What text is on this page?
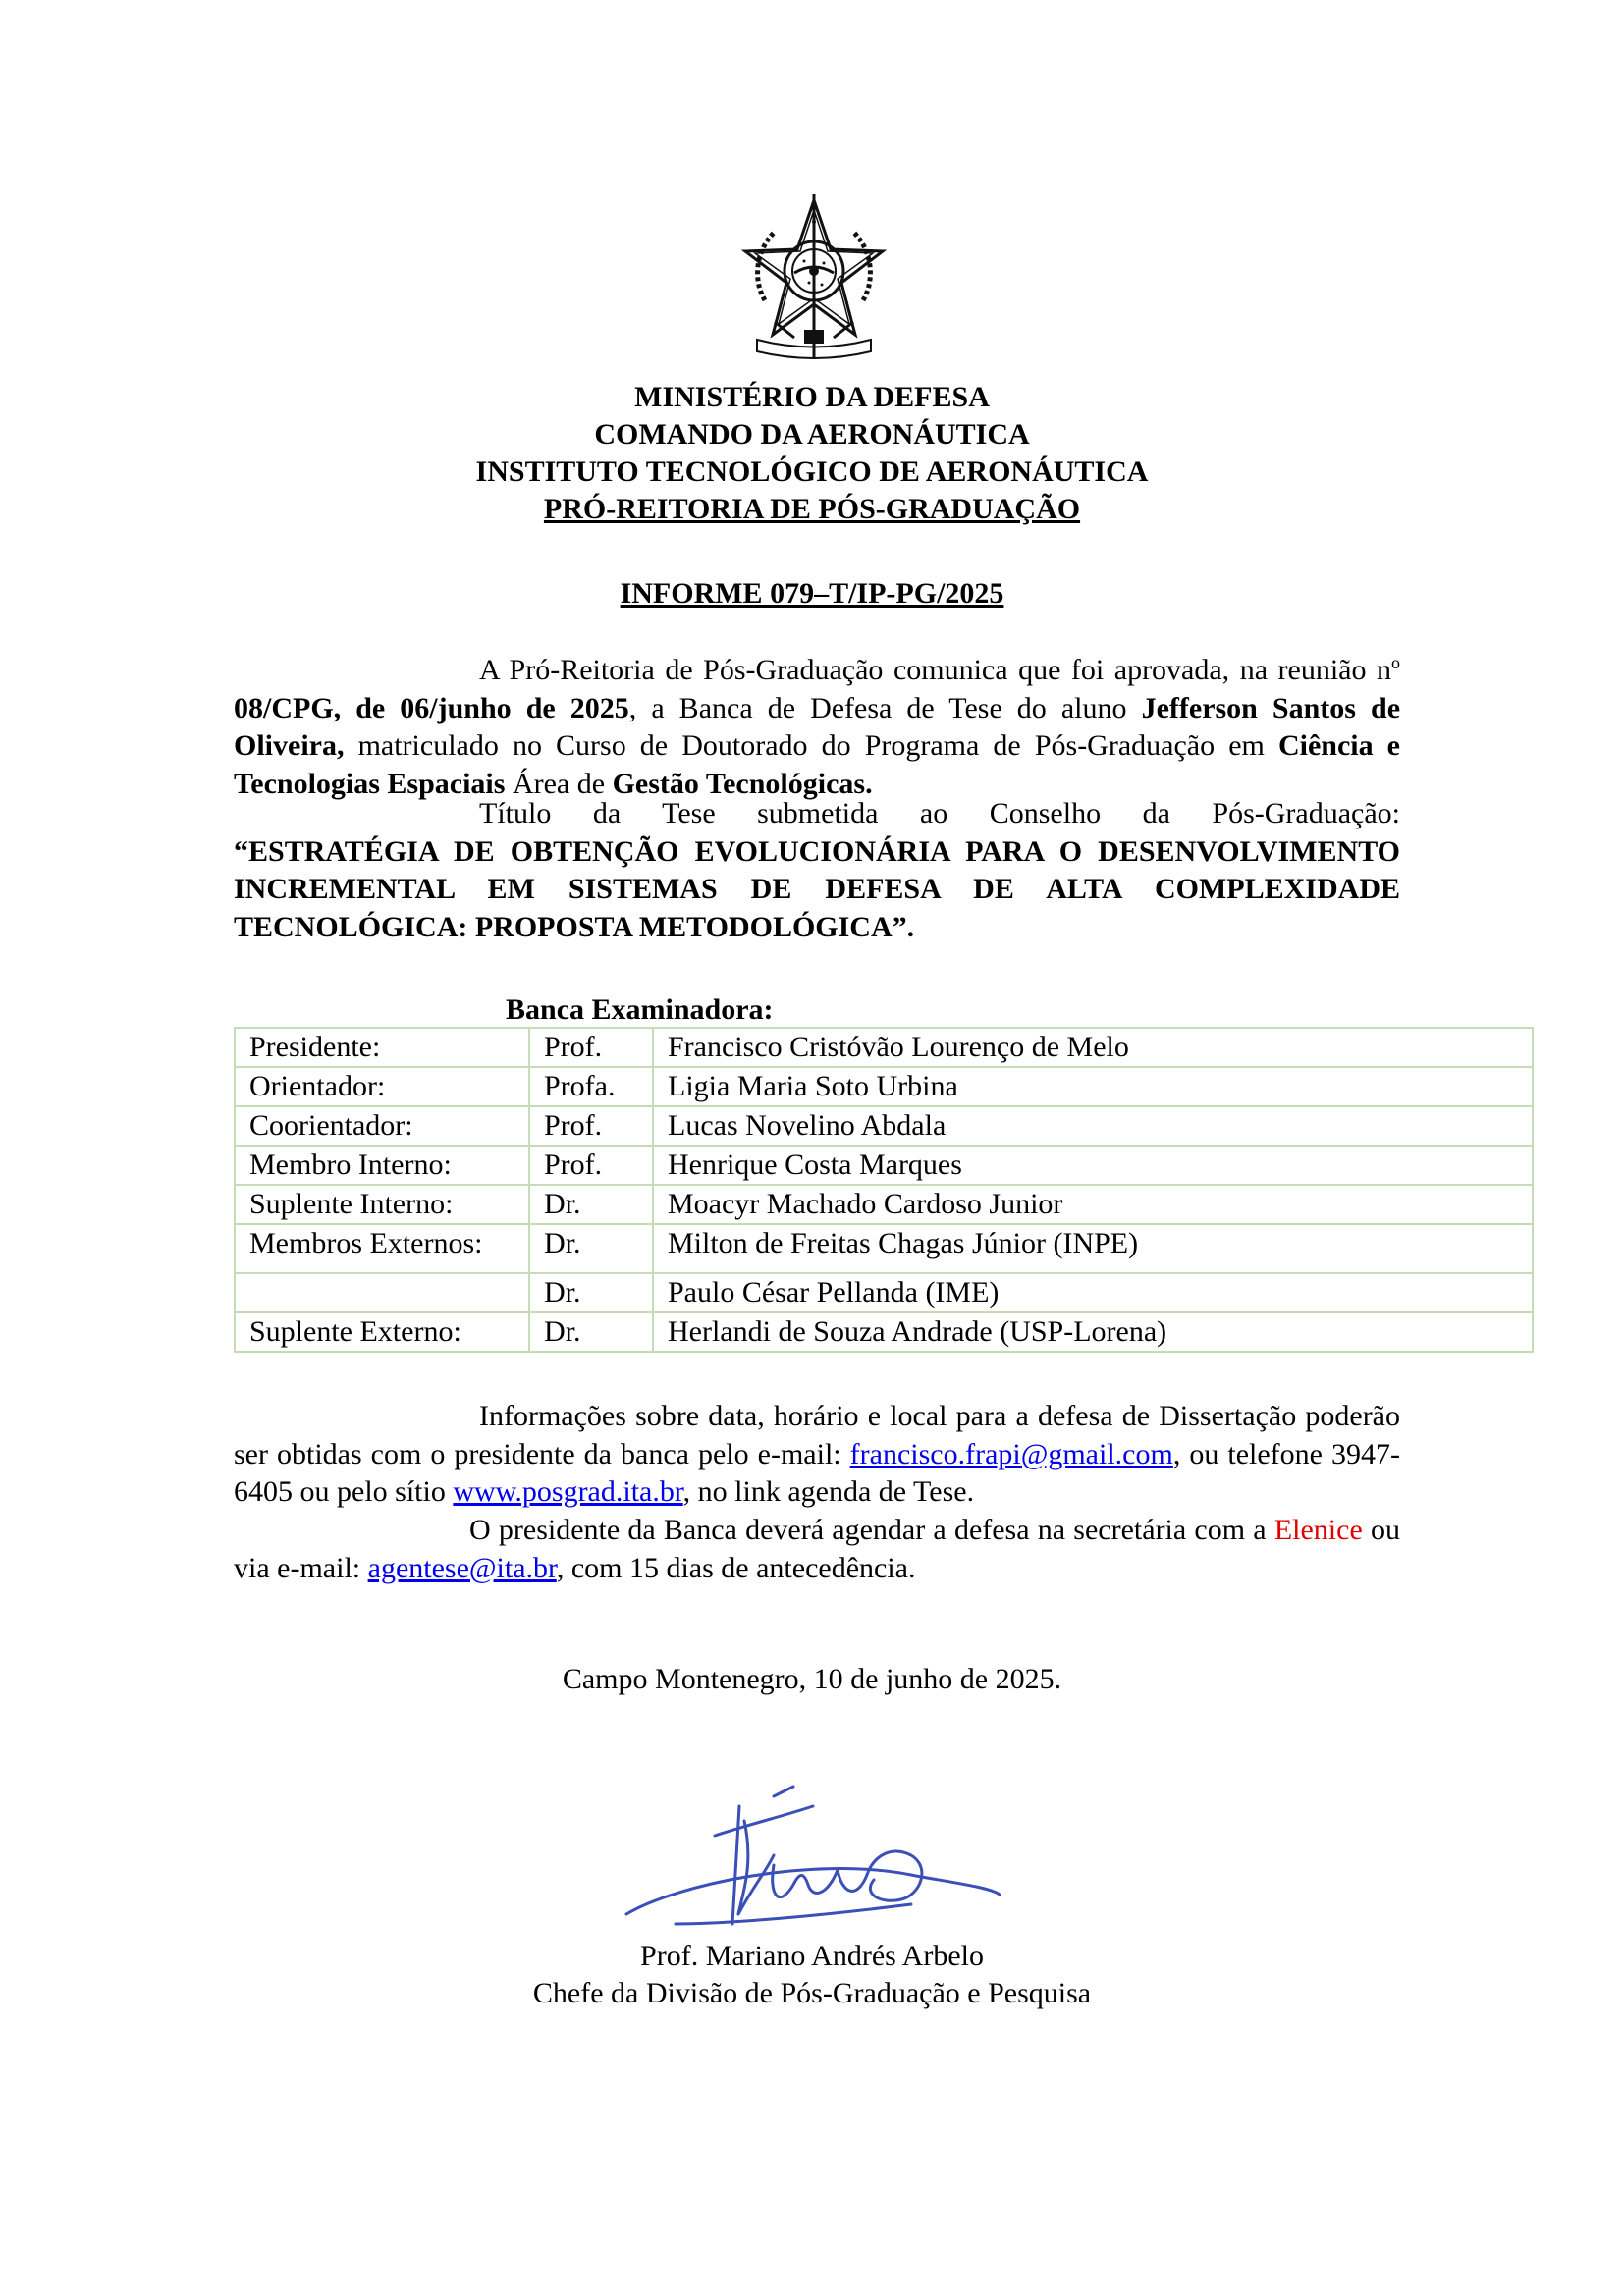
MINISTÉRIO DA DEFESA
COMANDO DA AERONÁUTICA
INSTITUTO TECNOLÓGICO DE AERONÁUTICA
PRÓ-REITORIA DE PÓS-GRADUAÇÃO
INFORME 079–T/IP-PG/2025
A Pró-Reitoria de Pós-Graduação comunica que foi aprovada, na reunião $n^o$ 08/CPG, de 06/junho de 2025, a Banca de Defesa de Tese do aluno Jefferson Santos de Oliveira, matriculado no Curso de Doutorado do Programa de Pós-Graduação em Ciência e Tecnologias Espaciais Área de Gestão Tecnológicas.
Título da Tese submetida ao Conselho da Pós-Graduação:
“ESTRATÉGIA DE OBTENÇÃO EVOLUCIONÁRIA PARA O DESENVOLVIMENTO INCREMENTAL EM SISTEMAS DE DEFESA DE ALTA COMPLEXIDADE TECNOLÓGICA: PROPOSTA METODOLÓGICA”.
Banca Examinadora:
Presidente:	Prof.	Francisco Cristóvão Lourenço de Melo
Orientador:	Profa.	Ligia Maria Soto Urbina
Coorientador:	Prof.	Lucas Novelino Abdala
Membro Interno:	Prof.	Henrique Costa Marques
Suplente Interno:	Dr.	Moacyr Machado Cardoso Junior
Membros Externos:	Dr.	Milton de Freitas Chagas Júnior (INPE)
	Dr.	Paulo César Pellanda (IME)
Suplente Externo:	Dr.	Herlandi de Souza Andrade (USP-Lorena)
Informações sobre data, horário e local para a defesa de Dissertação poderão ser obtidas com o presidente da banca pelo e-mail: francisco.frapi@gmail.com, ou telefone 3947-6405 ou pelo sítio www.posgrad.ita.br, no link agenda de Tese.
O presidente da Banca deverá agendar a defesa na secretária com a Elenice ou via e-mail: agentese@ita.br, com 15 dias de antecedência.
Campo Montenegro, 10 de junho de 2025.
Prof. Mariano Andrés Arbelo
Chefe da Divisão de Pós-Graduação e Pesquisa
